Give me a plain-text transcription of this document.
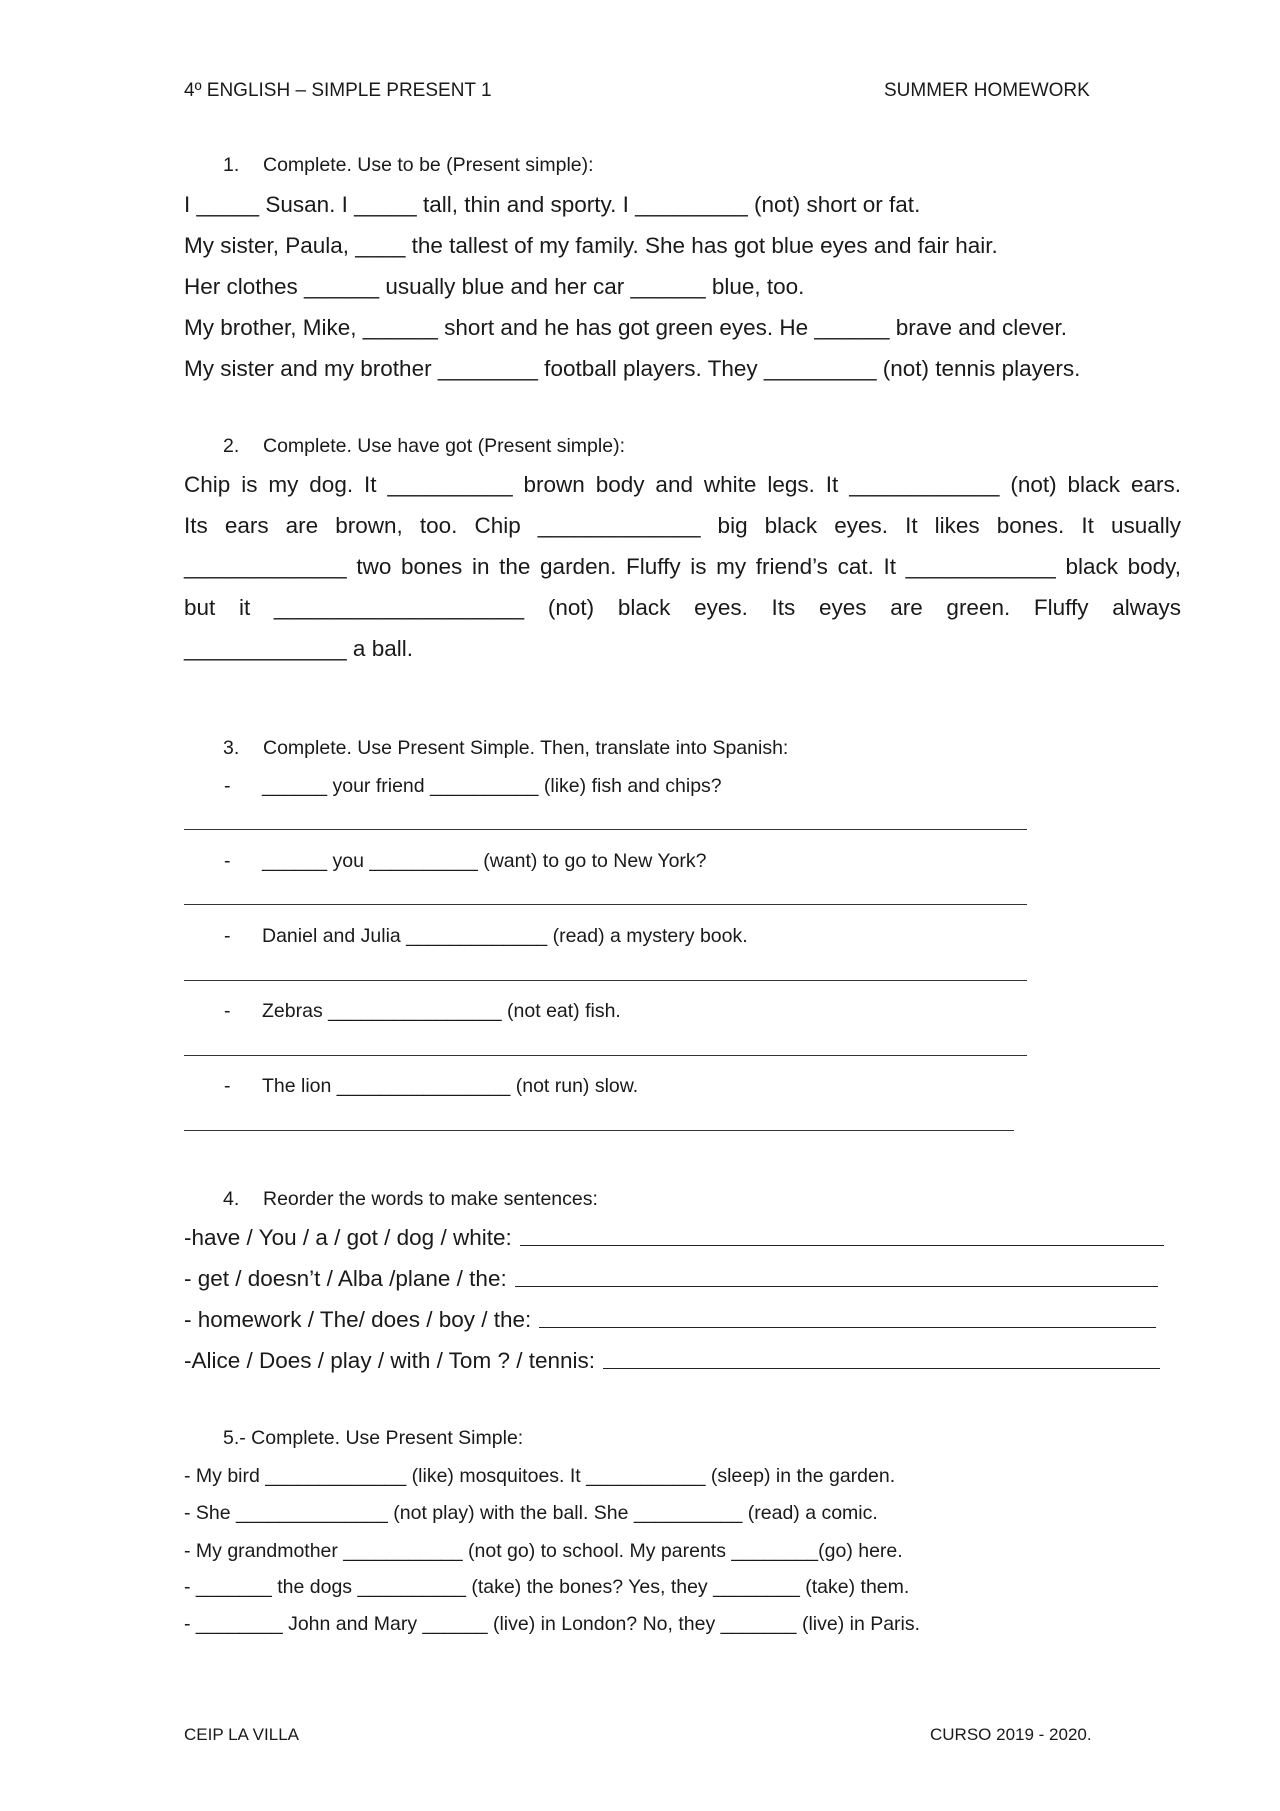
4º ENGLISH – SIMPLE PRESENT 1	SUMMER HOMEWORK
1. Complete. Use to be (Present simple):
I _____ Susan. I _____ tall, thin and sporty. I _________ (not) short or fat.
My sister, Paula, ____ the tallest of my family. She has got blue eyes and fair hair.
Her clothes ______ usually blue and her car ______ blue, too.
My brother, Mike, ______ short and he has got green eyes. He ______ brave and clever.
My sister and my brother ________ football players. They _________ (not) tennis players.
2. Complete. Use have got (Present simple):
Chip is my dog. It __________ brown body and white legs. It ____________ (not) black ears.
Its ears are brown, too. Chip _____________ big black eyes. It likes bones. It usually
_____________ two bones in the garden. Fluffy is my friend’s cat. It ____________ black body,
but it ____________________ (not) black eyes. Its eyes are green. Fluffy always
_____________ a ball.
3. Complete. Use Present Simple. Then, translate into Spanish:
- ______ your friend __________ (like) fish and chips?
- ______ you __________ (want) to go to New York?
- Daniel and Julia _____________ (read) a mystery book.
- Zebras ________________ (not eat) fish.
- The lion ________________ (not run) slow.
4. Reorder the words to make sentences:
-have / You / a / got / dog / white:
- get / doesn’t / Alba /plane / the:
- homework / The/ does / boy / the:
-Alice / Does / play / with / Tom ? / tennis:
5.- Complete. Use Present Simple:
- My bird _____________ (like) mosquitoes. It ___________ (sleep) in the garden.
- She ______________ (not play) with the ball. She __________ (read) a comic.
- My grandmother ___________ (not go) to school. My parents ________(go) here.
- _______ the dogs __________ (take) the bones? Yes, they ________ (take) them.
- ________ John and Mary ______ (live) in London? No, they _______ (live) in Paris.
CEIP LA VILLA	CURSO 2019 - 2020.
